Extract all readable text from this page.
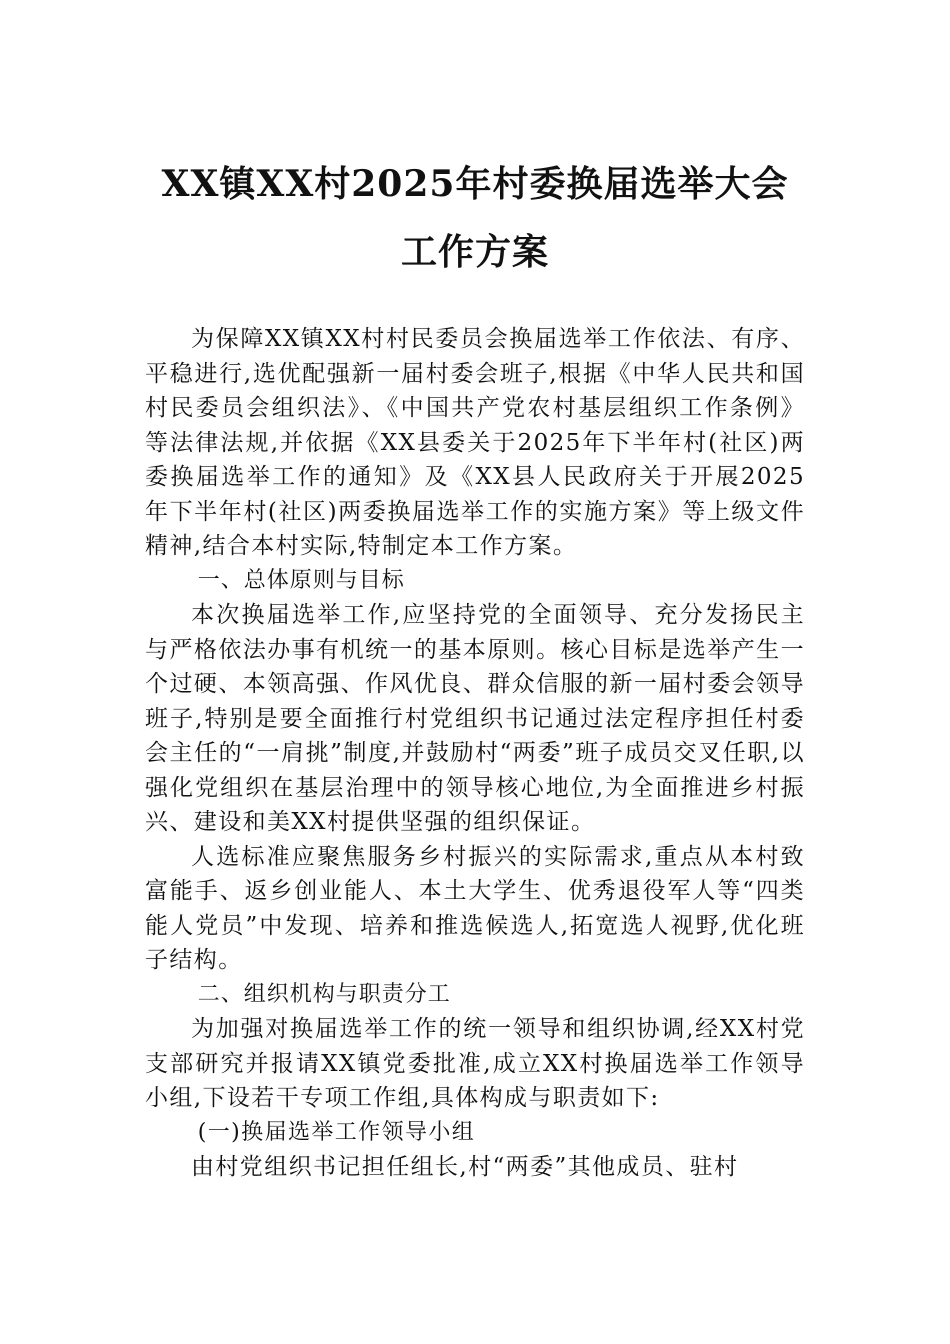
XX镇XX村2025年村委换届选举大会工作方案

为保障XX镇XX村村民委员会换届选举工作依法、有序、平稳进行,选优配强新一届村委会班子,根据《中华人民共和国村民委员会组织法》、《中国共产党农村基层组织工作条例》等法律法规,并依据《XX县委关于2025年下半年村(社区)两委换届选举工作的通知》及《XX县人民政府关于开展2025年下半年村(社区)两委换届选举工作的实施方案》等上级文件精神,结合本村实际,特制定本工作方案。

一、总体原则与目标

本次换届选举工作,应坚持党的全面领导、充分发扬民主与严格依法办事有机统一的基本原则。核心目标是选举产生一个过硬、本领高强、作风优良、群众信服的新一届村委会领导班子,特别是要全面推行村党组织书记通过法定程序担任村委会主任的“一肩挑”制度,并鼓励村“两委”班子成员交叉任职,以强化党组织在基层治理中的领导核心地位,为全面推进乡村振兴、建设和美XX村提供坚强的组织保证。

人选标准应聚焦服务乡村振兴的实际需求,重点从本村致富能手、返乡创业能人、本土大学生、优秀退役军人等“四类能人党员”中发现、培养和推选候选人,拓宽选人视野,优化班子结构。

二、组织机构与职责分工

为加强对换届选举工作的统一领导和组织协调,经XX村党支部研究并报请XX镇党委批准,成立XX村换届选举工作领导小组,下设若干专项工作组,具体构成与职责如下:

(一)换届选举工作领导小组

由村党组织书记担任组长,村“两委”其他成员、驻村
